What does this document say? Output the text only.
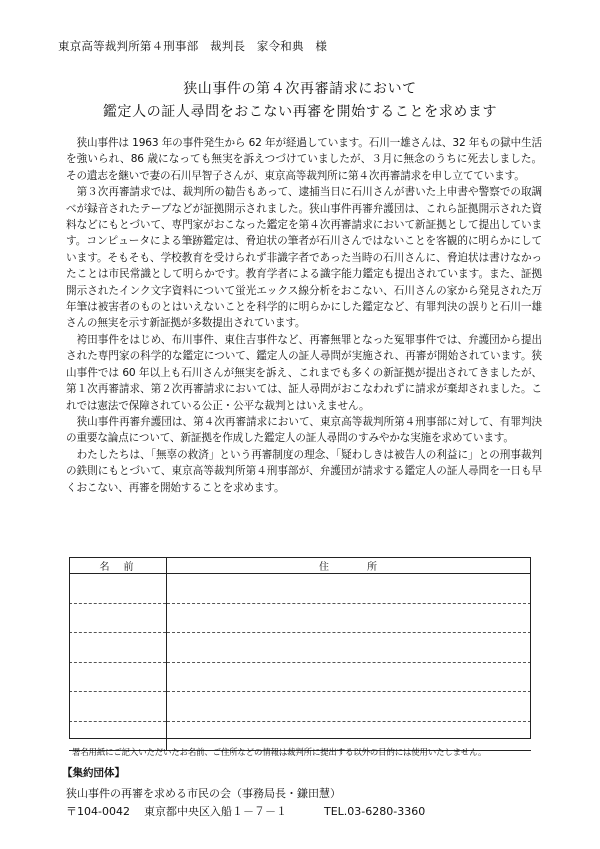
東京高等裁判所第４刑事部　裁判長　家令和典　様
狭山事件の第４次再審請求において
鑑定人の証人尋問をおこない再審を開始することを求めます

狭山事件は 1963 年の事件発生から 62 年が経過しています。石川一雄さんは、32 年もの獄中生活を強いられ、86 歳になっても無実を訴えつづけていましたが、３月に無念のうちに死去しました。その遺志を継いで妻の石川早智子さんが、東京高等裁判所に第４次再審請求を申し立てています。

第３次再審請求では、裁判所の勧告もあって、逮捕当日に石川さんが書いた上申書や警察での取調べが録音されたテープなどが証拠開示されました。狭山事件再審弁護団は、これら証拠開示された資料などにもとづいて、専門家がおこなった鑑定を第４次再審請求において新証拠として提出しています。コンピュータによる筆跡鑑定は、脅迫状の筆者が石川さんではないことを客観的に明らかにしています。そもそも、学校教育を受けられず非識字者であった当時の石川さんに、脅迫状は書けなかったことは市民常識として明らかです。教育学者による識字能力鑑定も提出されています。また、証拠開示されたインク文字資料について蛍光エックス線分析をおこない、石川さんの家から発見された万年筆は被害者のものとはいえないことを科学的に明らかにした鑑定など、有罪判決の誤りと石川一雄さんの無実を示す新証拠が多数提出されています。

袴田事件をはじめ、布川事件、東住吉事件など、再審無罪となった冤罪事件では、弁護団から提出された専門家の科学的な鑑定について、鑑定人の証人尋問が実施され、再審が開始されています。狭山事件では 60 年以上も石川さんが無実を訴え、これまでも多くの新証拠が提出されてきましたが、第１次再審請求、第２次再審請求においては、証人尋問がおこなわれずに請求が棄却されました。これでは憲法で保障されている公正・公平な裁判とはいえません。

狭山事件再審弁護団は、第４次再審請求において、東京高等裁判所第４刑事部に対して、有罪判決の重要な論点について、新証拠を作成した鑑定人の証人尋問のすみやかな実施を求めています。

わたしたちは、「無辜の救済」という再審制度の理念、「疑わしきは被告人の利益に」との刑事裁判の鉄則にもとづいて、東京高等裁判所第４刑事部が、弁護団が請求する鑑定人の証人尋問を一日も早くおこない、再審を開始することを求めます。

名　前	住　　　所

署名用紙にご記入いただいたお名前、ご住所などの情報は裁判所に提出する以外の目的には使用いたしません。
【集約団体】
狭山事件の再審を求める市民の会（事務局長・鎌田慧）
〒104-0042 東京都中央区入船１－７－１	TEL.03-6280-3360
